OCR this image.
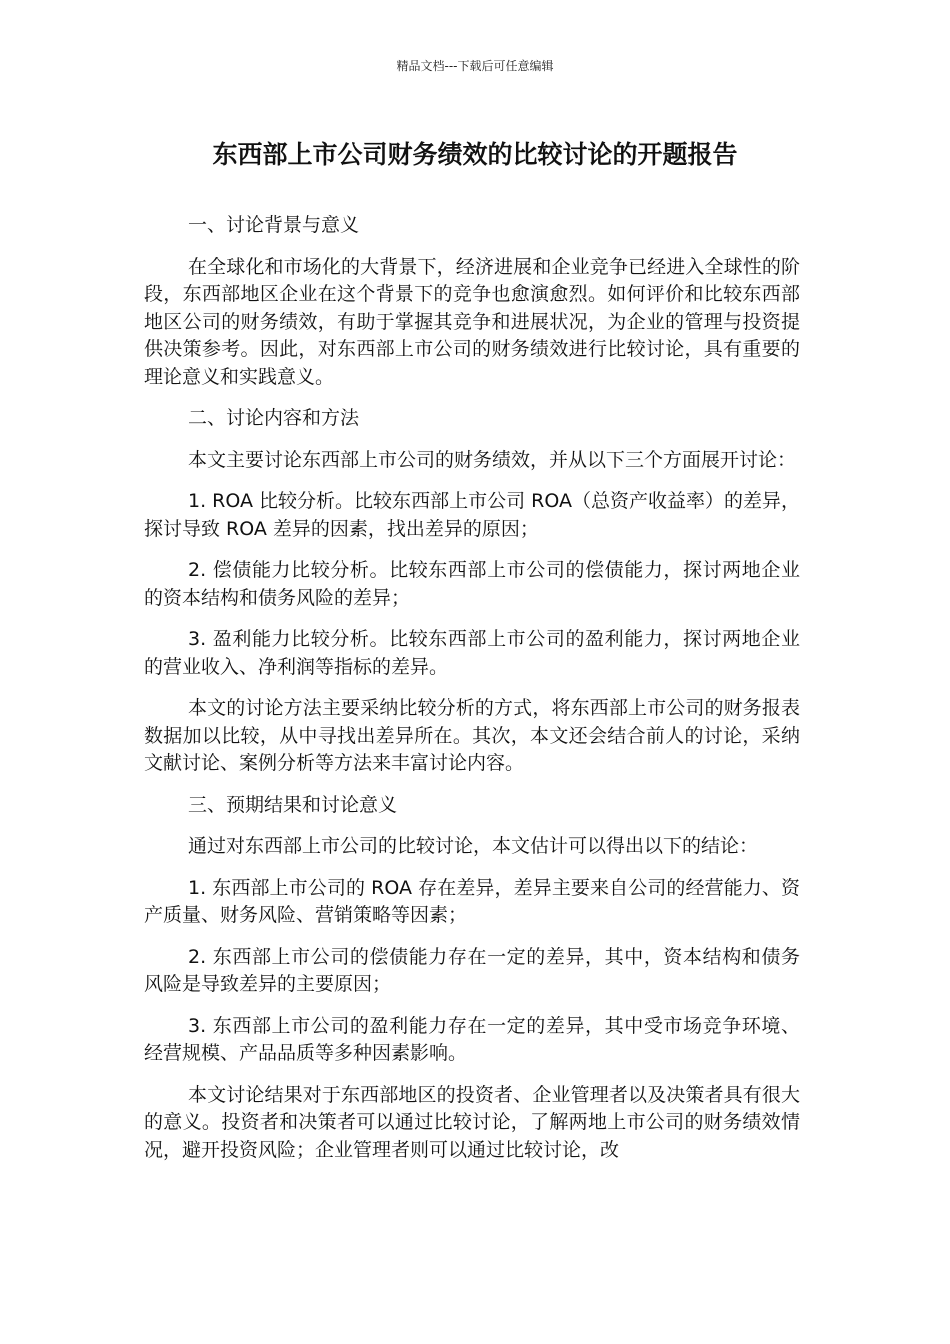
精品文档---下载后可任意编辑
东西部上市公司财务绩效的比较讨论的开题报告

一、讨论背景与意义

在全球化和市场化的大背景下，经济进展和企业竞争已经进入全球性的阶段，东西部地区企业在这个背景下的竞争也愈演愈烈。如何评价和比较东西部地区公司的财务绩效，有助于掌握其竞争和进展状况，为企业的管理与投资提供决策参考。因此，对东西部上市公司的财务绩效进行比较讨论，具有重要的理论意义和实践意义。

二、讨论内容和方法

本文主要讨论东西部上市公司的财务绩效，并从以下三个方面展开讨论：

1. ROA 比较分析。比较东西部上市公司 ROA（总资产收益率）的差异，探讨导致 ROA 差异的因素，找出差异的原因；

2. 偿债能力比较分析。比较东西部上市公司的偿债能力，探讨两地企业的资本结构和债务风险的差异；

3. 盈利能力比较分析。比较东西部上市公司的盈利能力，探讨两地企业的营业收入、净利润等指标的差异。

本文的讨论方法主要采纳比较分析的方式，将东西部上市公司的财务报表数据加以比较，从中寻找出差异所在。其次，本文还会结合前人的讨论，采纳文献讨论、案例分析等方法来丰富讨论内容。

三、预期结果和讨论意义

通过对东西部上市公司的比较讨论，本文估计可以得出以下的结论：

1. 东西部上市公司的 ROA 存在差异，差异主要来自公司的经营能力、资产质量、财务风险、营销策略等因素；

2. 东西部上市公司的偿债能力存在一定的差异，其中，资本结构和债务风险是导致差异的主要原因；

3. 东西部上市公司的盈利能力存在一定的差异，其中受市场竞争环境、经营规模、产品品质等多种因素影响。

本文讨论结果对于东西部地区的投资者、企业管理者以及决策者具有很大的意义。投资者和决策者可以通过比较讨论，了解两地上市公司的财务绩效情况，避开投资风险；企业管理者则可以通过比较讨论，改
